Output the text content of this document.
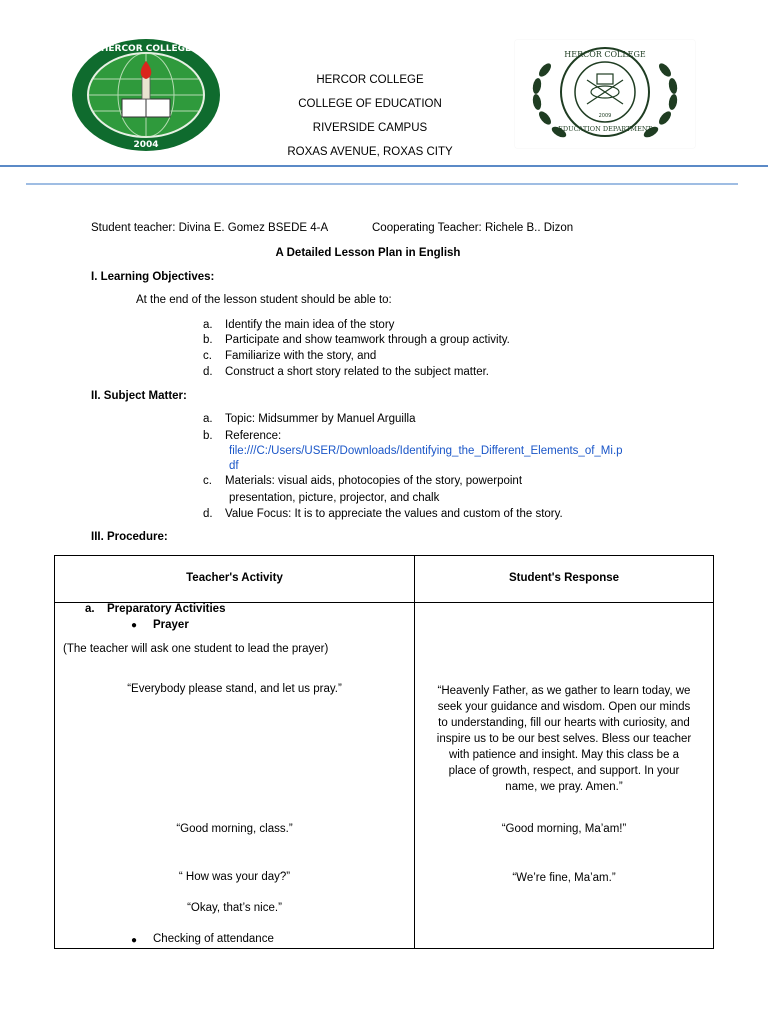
HERCOR COLLEGE
2004
HERCOR COLLEGE
COLLEGE OF EDUCATION
RIVERSIDE CAMPUS
ROXAS AVENUE, ROXAS CITY
HERCOR COLLEGE
EDUCATION DEPARTMENT
2009
Student teacher: Divina E. Gomez BSEDE 4-A	Cooperating Teacher: Richele B.. Dizon
A Detailed Lesson Plan in English
I. Learning Objectives:
At the end of the lesson student should be able to:
a. Identify the main idea of the story
b. Participate and show teamwork through a group activity.
c. Familiarize with the story, and
d. Construct a short story related to the subject matter.
II. Subject Matter:
a. Topic: Midsummer by Manuel Arguilla
b. Reference:
file:///C:/Users/USER/Downloads/Identifying_the_Different_Elements_of_Mi.p
df
c. Materials: visual aids, photocopies of the story, powerpoint
presentation, picture, projector, and chalk
d. Value Focus: It is to appreciate the values and custom of the story.
III. Procedure:
Teacher's Activity	Student's Response
a. Preparatory Activities
● Prayer
(The teacher will ask one student to lead the prayer)
“Everybody please stand, and let us pray.”	“Heavenly Father, as we gather to learn today, we
seek your guidance and wisdom. Open our minds
to understanding, fill our hearts with curiosity, and
inspire us to be our best selves. Bless our teacher
with patience and insight. May this class be a
place of growth, respect, and support. In your
name, we pray. Amen.”
“Good morning, class.”	“Good morning, Ma’am!”
“ How was your day?”	“We’re fine, Ma’am.”
“Okay, that’s nice.”
● Checking of attendance
